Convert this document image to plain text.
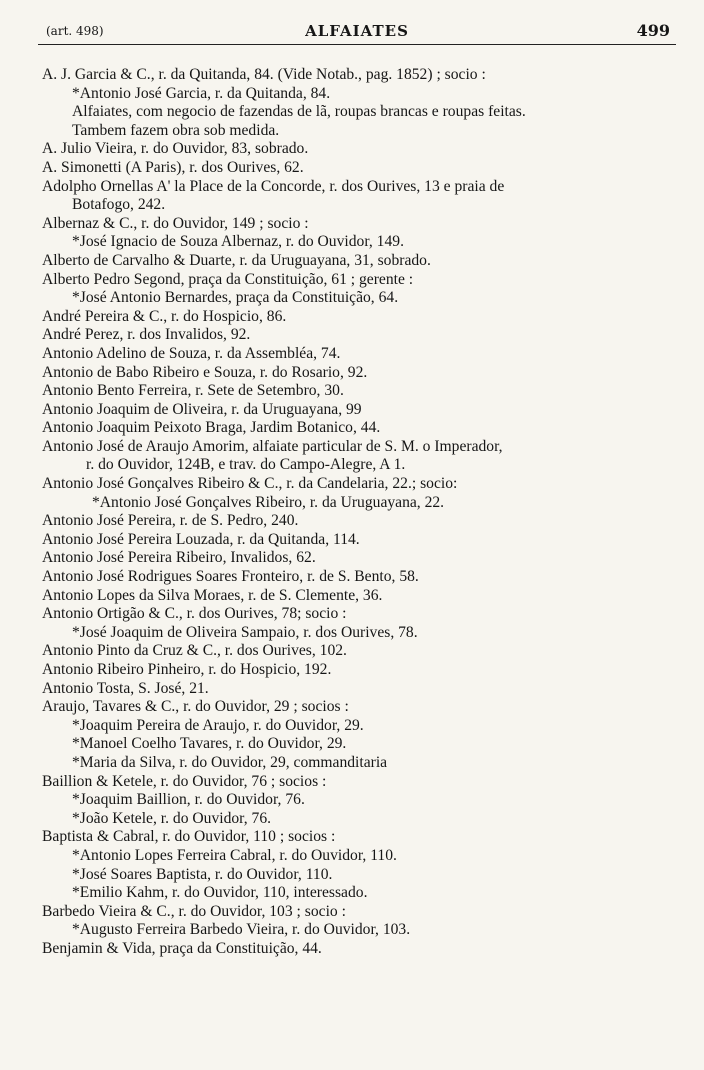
(art. 498)	ALFAIATES	499
A. J. Garcia & C., r. da Quitanda, 84. (Vide Notab., pag. 1852) ; socio :
*Antonio José Garcia, r. da Quitanda, 84.
Alfaiates, com negocio de fazendas de lã, roupas brancas e roupas feitas.
Tambem fazem obra sob medida.
A. Julio Vieira, r. do Ouvidor, 83, sobrado.
A. Simonetti (A Paris), r. dos Ourives, 62.
Adolpho Ornellas A' la Place de la Concorde, r. dos Ourives, 13 e praia de
Botafogo, 242.
Albernaz & C., r. do Ouvidor, 149 ; socio :
*José Ignacio de Souza Albernaz, r. do Ouvidor, 149.
Alberto de Carvalho & Duarte, r. da Uruguayana, 31, sobrado.
Alberto Pedro Segond, praça da Constituição, 61 ; gerente :
*José Antonio Bernardes, praça da Constituição, 64.
André Pereira & C., r. do Hospicio, 86.
André Perez, r. dos Invalidos, 92.
Antonio Adelino de Souza, r. da Assembléa, 74.
Antonio de Babo Ribeiro e Souza, r. do Rosario, 92.
Antonio Bento Ferreira, r. Sete de Setembro, 30.
Antonio Joaquim de Oliveira, r. da Uruguayana, 99
Antonio Joaquim Peixoto Braga, Jardim Botanico, 44.
Antonio José de Araujo Amorim, alfaiate particular de S. M. o Imperador,
r. do Ouvidor, 124B, e trav. do Campo-Alegre, A 1.
Antonio José Gonçalves Ribeiro & C., r. da Candelaria, 22.; socio:
*Antonio José Gonçalves Ribeiro, r. da Uruguayana, 22.
Antonio José Pereira, r. de S. Pedro, 240.
Antonio José Pereira Louzada, r. da Quitanda, 114.
Antonio José Pereira Ribeiro, Invalidos, 62.
Antonio José Rodrigues Soares Fronteiro, r. de S. Bento, 58.
Antonio Lopes da Silva Moraes, r. de S. Clemente, 36.
Antonio Ortigão & C., r. dos Ourives, 78; socio :
*José Joaquim de Oliveira Sampaio, r. dos Ourives, 78.
Antonio Pinto da Cruz & C., r. dos Ourives, 102.
Antonio Ribeiro Pinheiro, r. do Hospicio, 192.
Antonio Tosta, S. José, 21.
Araujo, Tavares & C., r. do Ouvidor, 29 ; socios :
*Joaquim Pereira de Araujo, r. do Ouvidor, 29.
*Manoel Coelho Tavares, r. do Ouvidor, 29.
*Maria da Silva, r. do Ouvidor, 29, commanditaria
Baillion & Ketele, r. do Ouvidor, 76 ; socios :
*Joaquim Baillion, r. do Ouvidor, 76.
*João Ketele, r. do Ouvidor, 76.
Baptista & Cabral, r. do Ouvidor, 110 ; socios :
*Antonio Lopes Ferreira Cabral, r. do Ouvidor, 110.
*José Soares Baptista, r. do Ouvidor, 110.
*Emilio Kahm, r. do Ouvidor, 110, interessado.
Barbedo Vieira & C., r. do Ouvidor, 103 ; socio :
*Augusto Ferreira Barbedo Vieira, r. do Ouvidor, 103.
Benjamin & Vida, praça da Constituição, 44.
